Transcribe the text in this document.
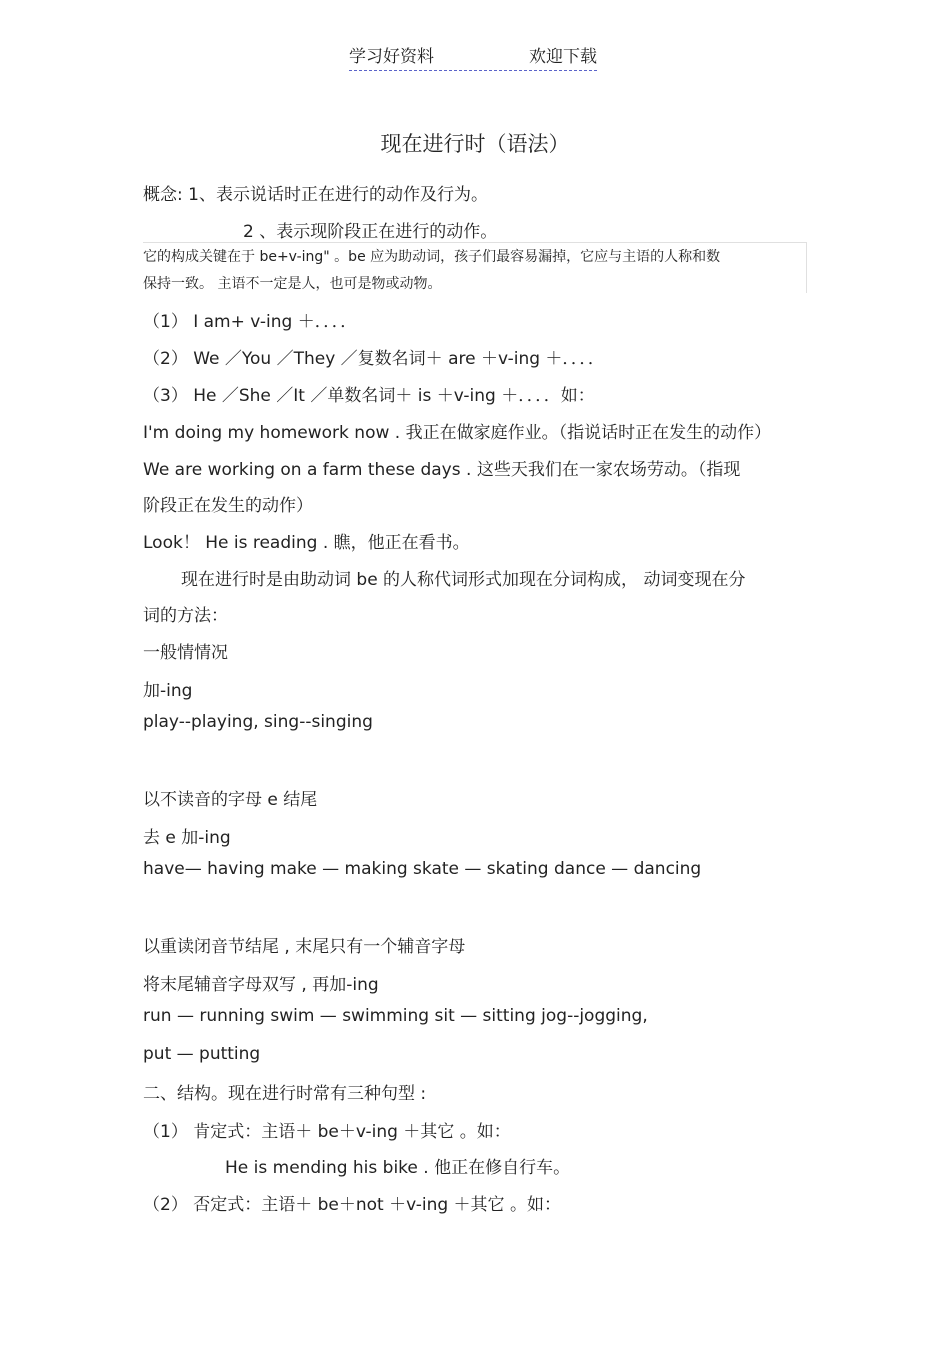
学习好资料	欢迎下载
现在进行时（语法）
概念: 1、表示说话时正在进行的动作及行为。
2 、表示现阶段正在进行的动作。
它的构成关键在于 be+v-ing" 。be 应为助动词，孩子们最容易漏掉，它应与主语的人称和数
保持一致。 主语不一定是人，也可是物或动物。
（1） I am+ v-ing ＋．．．．
（2） We ／You ／They ／复数名词＋ are ＋v-ing ＋．．．．
（3） He ／She ／It ／单数名词＋ is ＋v-ing ＋．．．．如：
I'm doing my homework now . 我正在做家庭作业。（指说话时正在发生的动作）
We are working on a farm these days . 这些天我们在一家农场劳动。（指现
阶段正在发生的动作）
Look！ He is reading . 瞧，他正在看书。
现在进行时是由助动词 be 的人称代词形式加现在分词构成， 动词变现在分
词的方法：
一般情情况
加-ing
play--playing, sing--singing
以不读音的字母 e 结尾
去 e 加-ing
have— having make — making skate — skating dance — dancing
以重读闭音节结尾 , 末尾只有一个辅音字母
将末尾辅音字母双写 , 再加-ing
run — running swim — swimming sit — sitting jog--jogging,
put — putting
二、结构。现在进行时常有三种句型 :
（1） 肯定式：主语＋ be＋v-ing ＋其它 。如：
He is mending his bike . 他正在修自行车。
（2） 否定式：主语＋ be＋not ＋v-ing ＋其它 。如：
